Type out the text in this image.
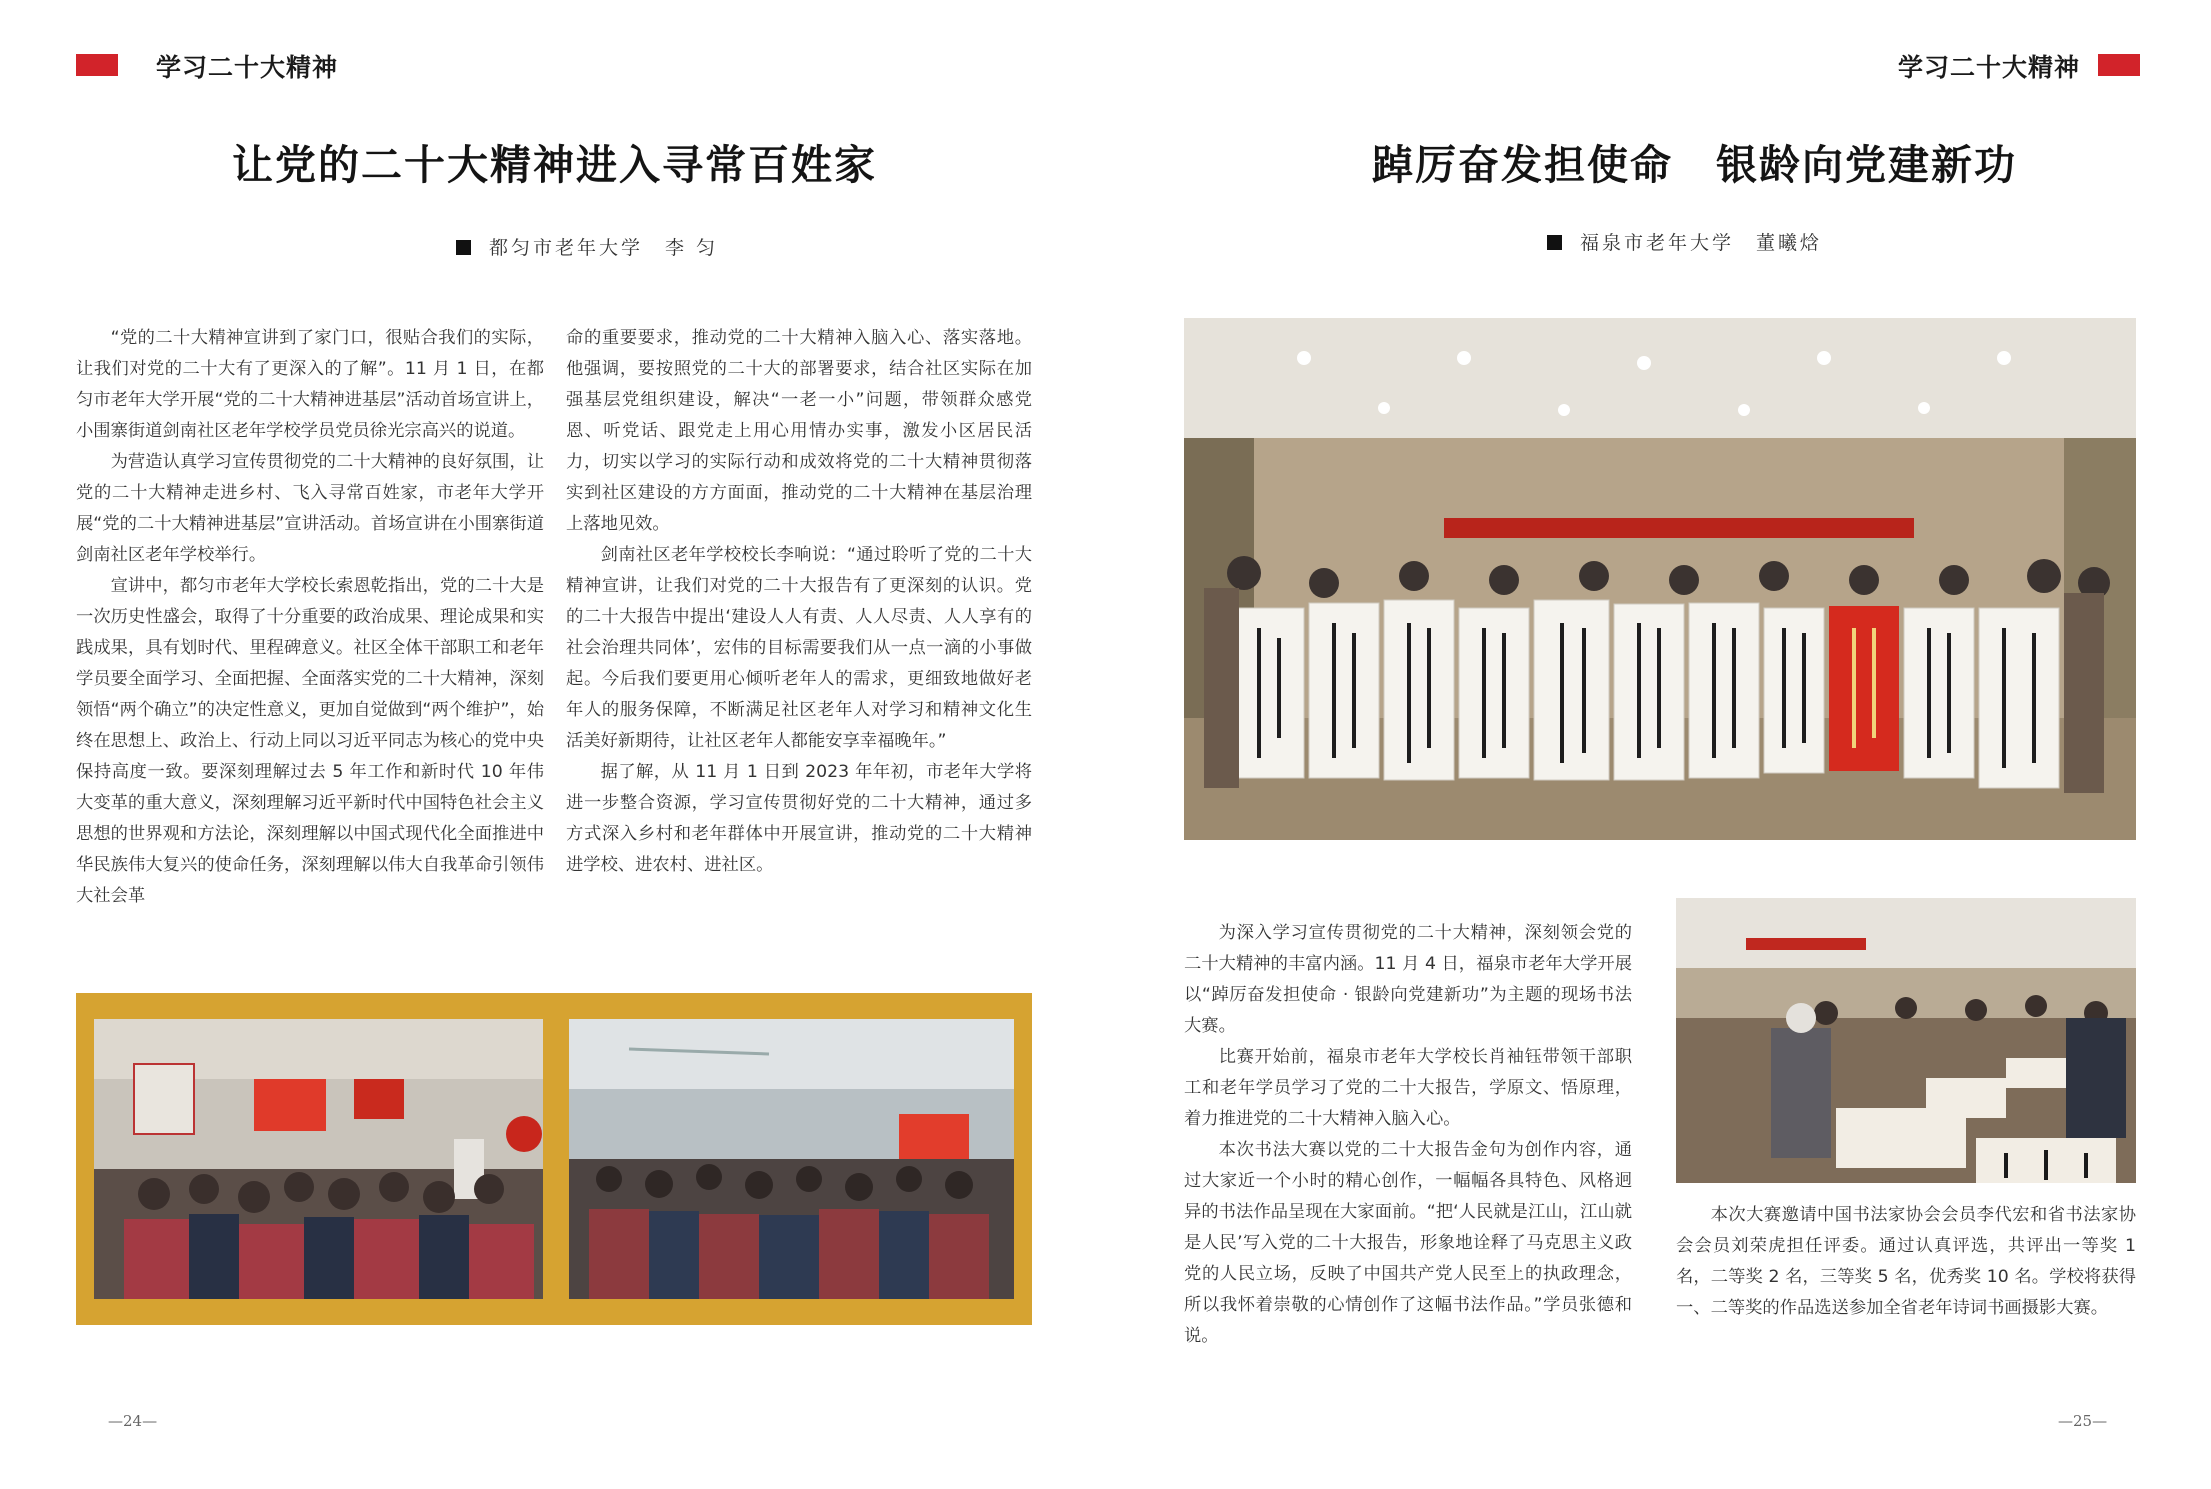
学习二十大精神
让党的二十大精神进入寻常百姓家
都匀市老年大学　李 匀

“党的二十大精神宣讲到了家门口，很贴合我们的实际，让我们对党的二十大有了更深入的了解”。11 月 1 日，在都匀市老年大学开展“党的二十大精神进基层”活动首场宣讲上，小围寨街道剑南社区老年学校学员党员徐光宗高兴的说道。

为营造认真学习宣传贯彻党的二十大精神的良好氛围，让党的二十大精神走进乡村、飞入寻常百姓家，市老年大学开展“党的二十大精神进基层”宣讲活动。首场宣讲在小围寨街道剑南社区老年学校举行。

宣讲中，都匀市老年大学校长索恩乾指出，党的二十大是一次历史性盛会，取得了十分重要的政治成果、理论成果和实践成果，具有划时代、里程碑意义。社区全体干部职工和老年学员要全面学习、全面把握、全面落实党的二十大精神，深刻领悟“两个确立”的决定性意义，更加自觉做到“两个维护”，始终在思想上、政治上、行动上同以习近平同志为核心的党中央保持高度一致。要深刻理解过去 5 年工作和新时代 10 年伟大变革的重大意义，深刻理解习近平新时代中国特色社会主义思想的世界观和方法论，深刻理解以中国式现代化全面推进中华民族伟大复兴的使命任务，深刻理解以伟大自我革命引领伟大社会革

命的重要要求，推动党的二十大精神入脑入心、落实落地。他强调，要按照党的二十大的部署要求，结合社区实际在加强基层党组织建设，解决“一老一小”问题，带领群众感党恩、听党话、跟党走上用心用情办实事，激发小区居民活力，切实以学习的实际行动和成效将党的二十大精神贯彻落实到社区建设的方方面面，推动党的二十大精神在基层治理上落地见效。

剑南社区老年学校校长李响说：“通过聆听了党的二十大精神宣讲，让我们对党的二十大报告有了更深刻的认识。党的二十大报告中提出‘建设人人有责、人人尽责、人人享有的社会治理共同体’，宏伟的目标需要我们从一点一滴的小事做起。今后我们要更用心倾听老年人的需求，更细致地做好老年人的服务保障，不断满足社区老年人对学习和精神文化生活美好新期待，让社区老年人都能安享幸福晚年。”

据了解，从 11 月 1 日到 2023 年年初，市老年大学将进一步整合资源，学习宣传贯彻好党的二十大精神，通过多方式深入乡村和老年群体中开展宣讲，推动党的二十大精神进学校、进农村、进社区。

—24—
学习二十大精神
踔厉奋发担使命　银龄向党建新功
福泉市老年大学　董曦焓

为深入学习宣传贯彻党的二十大精神，深刻领会党的二十大精神的丰富内涵。11 月 4 日，福泉市老年大学开展以“踔厉奋发担使命 · 银龄向党建新功”为主题的现场书法大赛。

比赛开始前，福泉市老年大学校长肖袖钰带领干部职工和老年学员学习了党的二十大报告，学原文、悟原理，着力推进党的二十大精神入脑入心。

本次书法大赛以党的二十大报告金句为创作内容，通过大家近一个小时的精心创作，一幅幅各具特色、风格迥异的书法作品呈现在大家面前。“把‘人民就是江山，江山就是人民’写入党的二十大报告，形象地诠释了马克思主义政党的人民立场，反映了中国共产党人民至上的执政理念，所以我怀着崇敬的心情创作了这幅书法作品。”学员张德和说。

本次大赛邀请中国书法家协会会员李代宏和省书法家协会会员刘荣虎担任评委。通过认真评选，共评出一等奖 1 名，二等奖 2 名，三等奖 5 名，优秀奖 10 名。学校将获得一、二等奖的作品选送参加全省老年诗词书画摄影大赛。

—25—
